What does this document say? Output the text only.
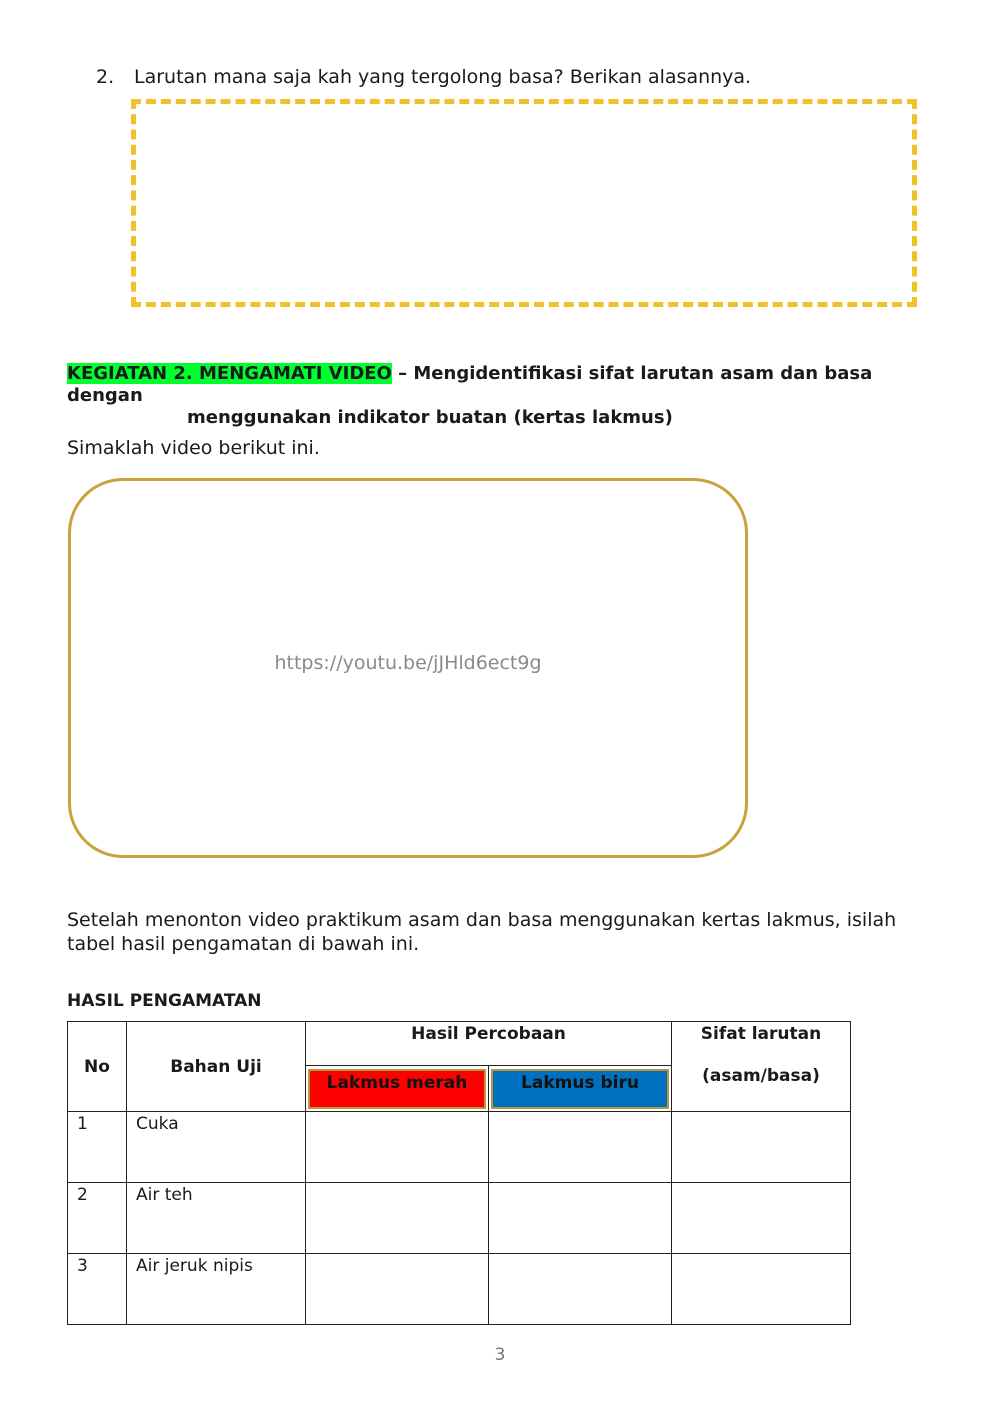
2. Larutan mana saja kah yang tergolong basa? Berikan alasannya.
KEGIATAN 2. MENGAMATI VIDEO – Mengidentifikasi sifat larutan asam dan basa dengan
menggunakan indikator buatan (kertas lakmus)
Simaklah video berikut ini.
https://youtu.be/jJHld6ect9g
Setelah menonton video praktikum asam dan basa menggunakan kertas lakmus, isilah tabel hasil pengamatan di bawah ini.
HASIL PENGAMATAN
No	Bahan Uji	Hasil Percobaan		Sifat larutan
(asam/basa)

		Lakmus merah	Lakmus biru	

1	Cuka			
2	Air teh			
3	Air jeruk nipis			
3
